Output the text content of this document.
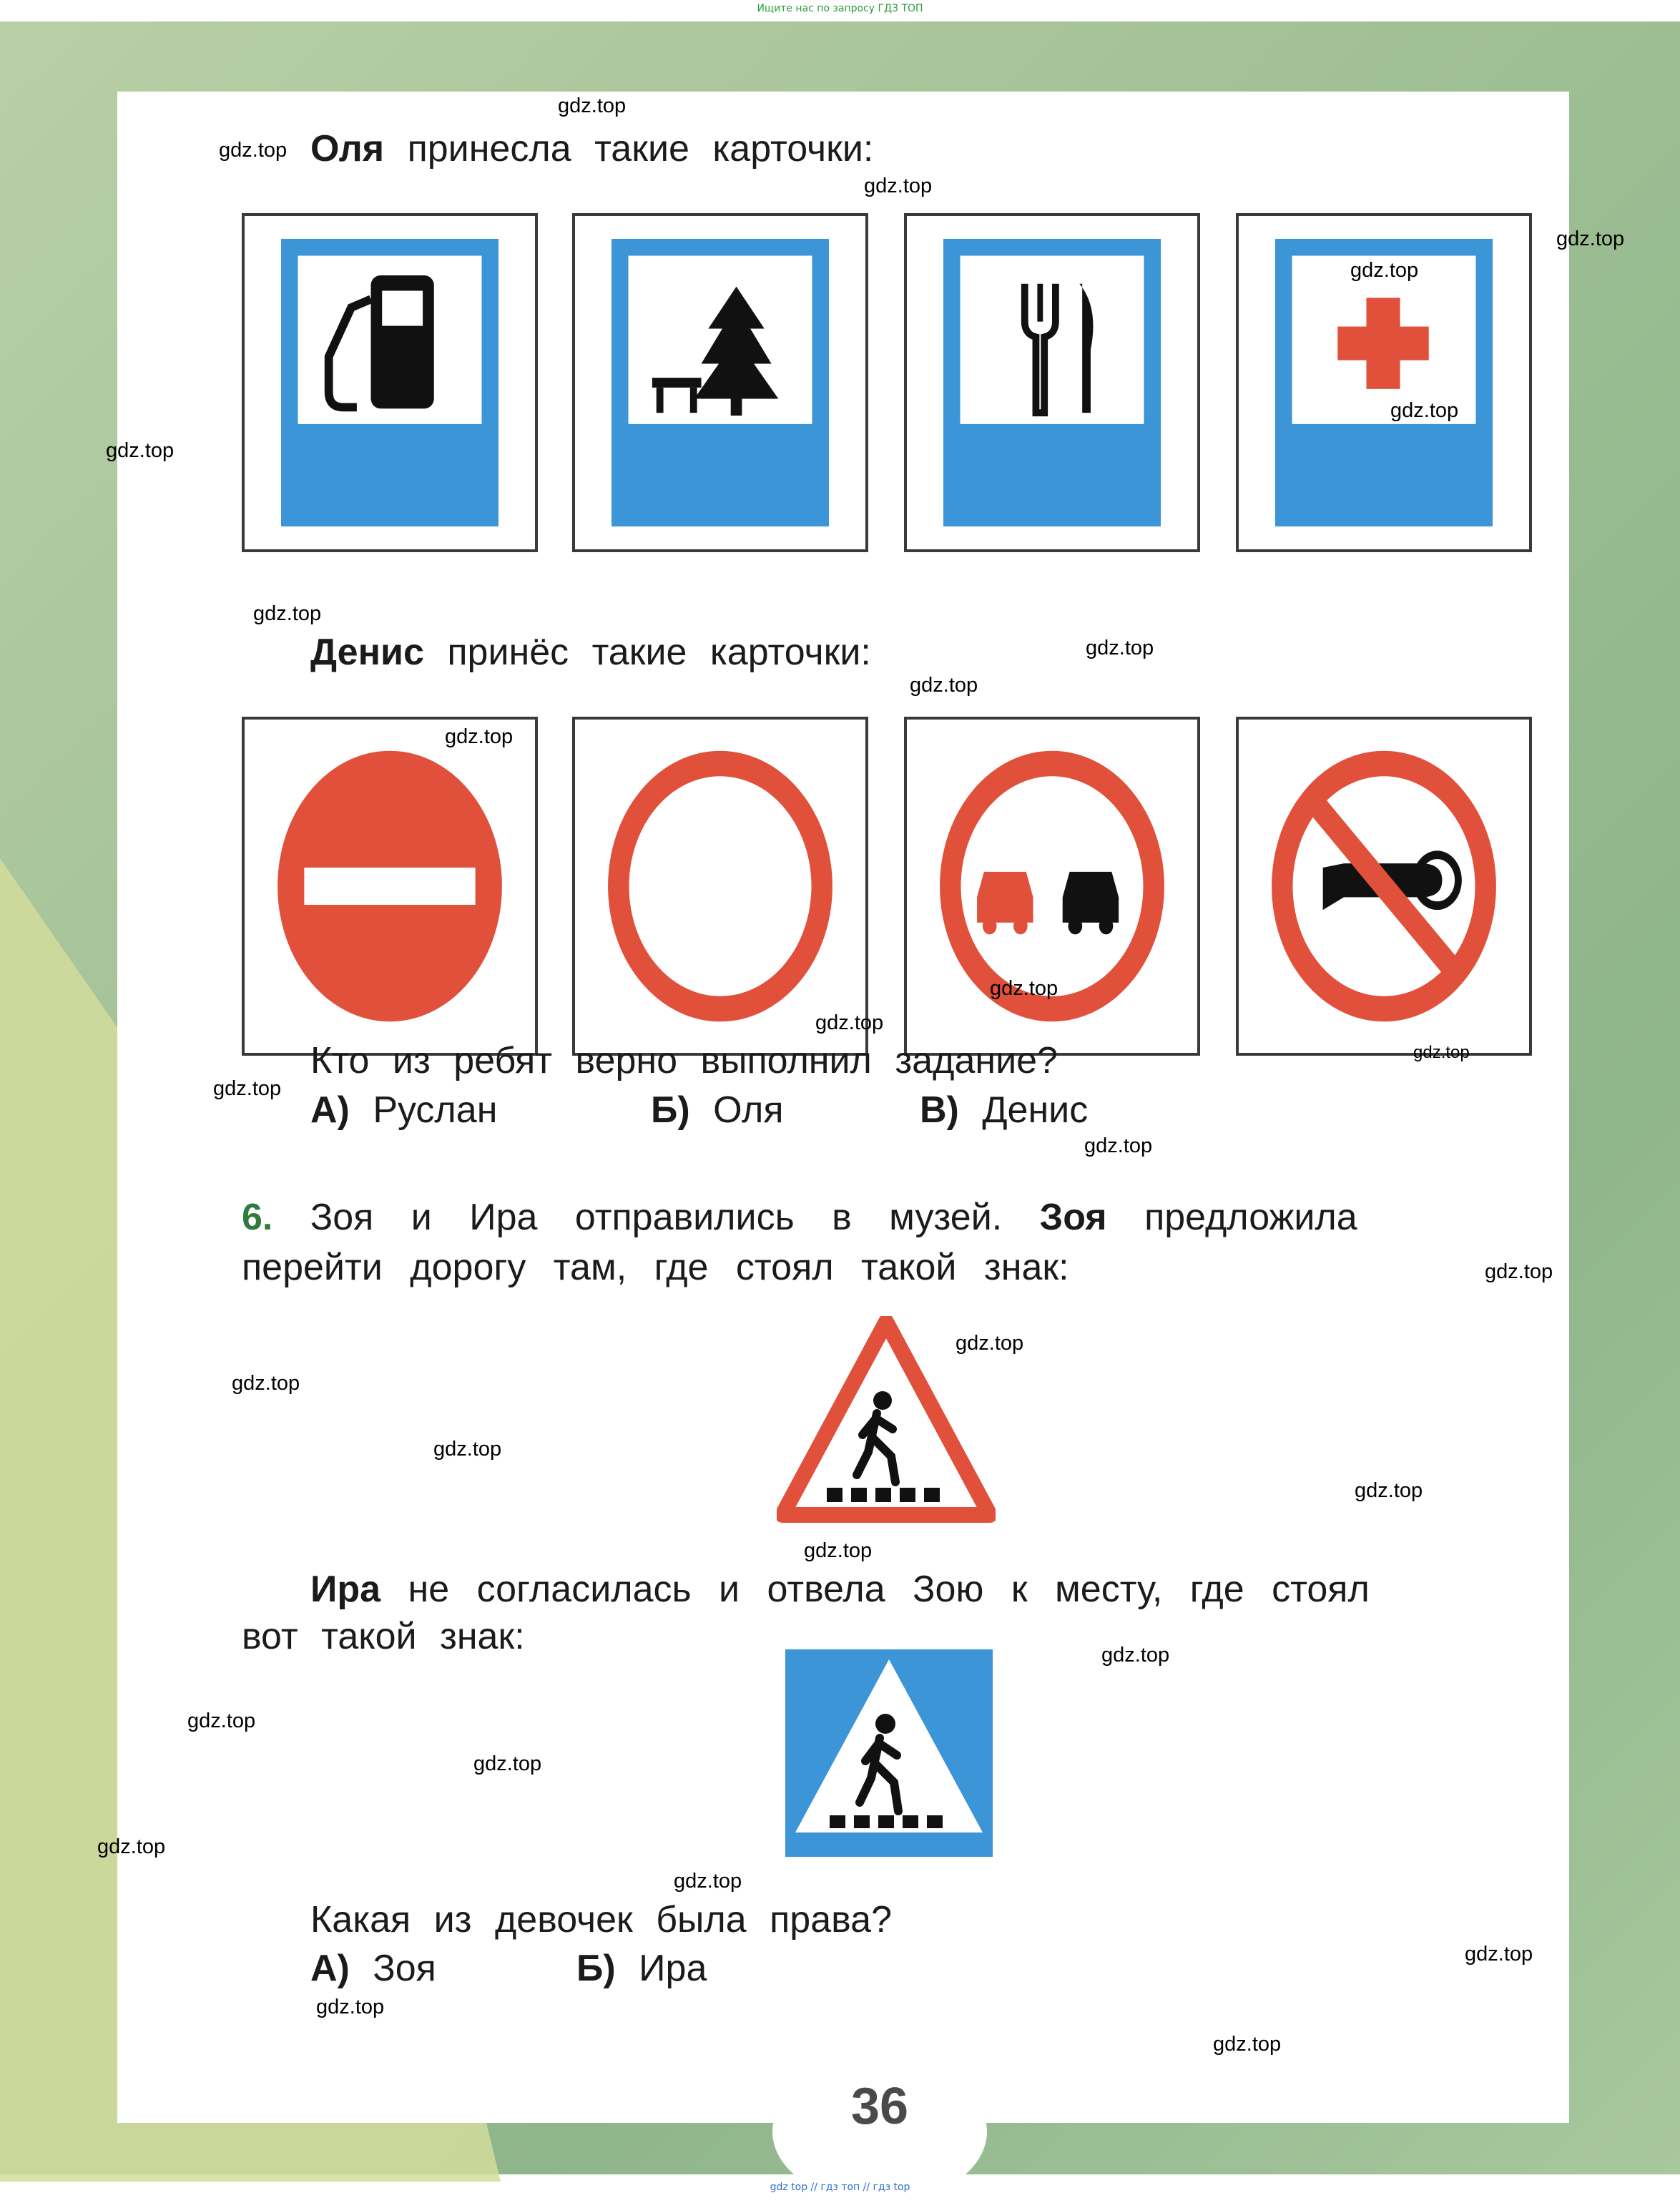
Ищите нас по запросу ГДЗ ТОП
Оля принесла такие карточки:
Денис принёс такие карточки:
Кто из ребят верно выполнил задание?
А) Руслан	Б) Оля	В) Денис
6. Зоя и Ира отправились в музей. Зоя предложила
перейти дорогу там, где стоял такой знак:
Ира не согласилась и отвела Зою к месту, где стоял
вот такой знак:
Какая из девочек была права?
А) Зоя	Б) Ира
36
gdz.top
gdz.top
gdz.top
gdz.top
gdz.top
gdz.top
gdz.top
gdz.top
gdz.top
gdz.top
gdz.top
gdz.top
gdz.top
gdz.top
gdz.top
gdz.top
gdz.top
gdz.top
gdz.top
gdz.top
gdz.top
gdz.top
gdz.top
gdz.top
gdz.top
gdz.top
gdz.top
gdz.top
gdz.top
gdz.top
gdz top // гдз топ // гдз top
